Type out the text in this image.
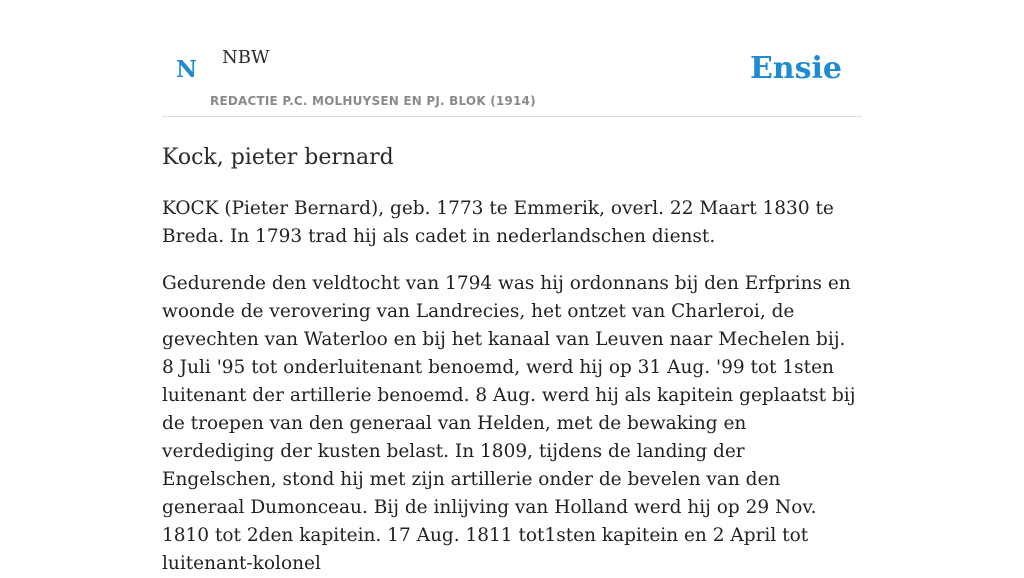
N NBW
REDACTIE P.C. MOLHUYSEN EN PJ. BLOK (1914)
Ensie
Kock, pieter bernard

KOCK (Pieter Bernard), geb. 1773 te Emmerik, overl. 22 Maart 1830 te Breda. In 1793 trad hij als cadet in nederlandschen dienst.

Gedurende den veldtocht van 1794 was hij ordonnans bij den Erfprins en woonde de verovering van Landrecies, het ontzet van Charleroi, de gevechten van Waterloo en bij het kanaal van Leuven naar Mechelen bij. 8 Juli '95 tot onderluitenant benoemd, werd hij op 31 Aug. '99 tot 1sten luitenant der artillerie benoemd. 8 Aug. werd hij als kapitein geplaatst bij de troepen van den generaal van Helden, met de bewaking en verdediging der kusten belast. In 1809, tijdens de landing der Engelschen, stond hij met zijn artillerie onder de bevelen van den generaal Dumonceau. Bij de inlijving van Holland werd hij op 29 Nov. 1810 tot 2den kapitein. 17 Aug. 1811 tot1sten kapitein en 2 April tot luitenant-kolonel
